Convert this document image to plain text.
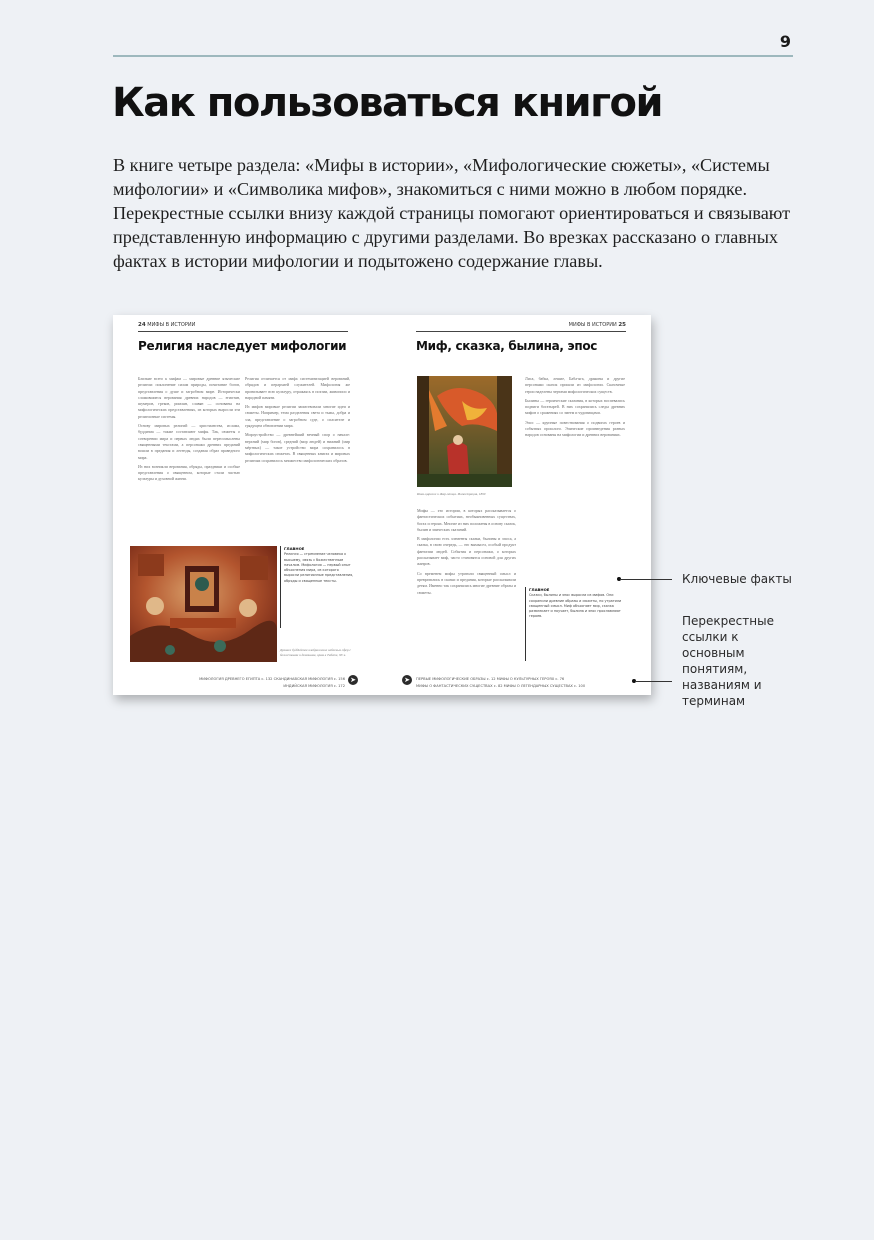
9
Как пользоваться книгой

В книге четыре раздела: «Мифы в истории», «Мифологические сюжеты», «Системы мифологии» и «Символика мифов», знакомиться с ними можно в любом порядке. Перекрестные ссылки внизу каждой страницы помогают ориентироваться и связывают представленную информацию с другими разделами. Во врезках рассказано о главных фактах в истории мифологии и подытожено содержание главы.

24 МИФЫ В ИСТОРИИ
Религия наследует мифологии

Близкие всего к мифам — мировые древние языческие религии: поклонение силам природы, почитание богов, представления о душе и загробном мире. Исторически сложившиеся верования древних народов — египтян, шумеров, греков, римлян, славян — основаны на мифологических представлениях, из которых выросли эти религиозные системы.

Основу мировых религий — христианства, ислама, буддизма — также составляют мифы. Так, сюжеты о сотворении мира и первых людях были переосмыслены священными текстами, а персонажи древних преданий вошли в предания и легенды, создавая образ праведного мира.

Из них возникли верования, обряды, праздники и особые представления о священном, которые стали частью культуры и духовной жизни.

Религия отличается от мифа систематизацией верований, обрядов и иерархией служителей. Мифология же пронизывает всю культуру, отражаясь в поэзии, живописи и народной памяти.

Из мифов мировые религии заимствовали многие идеи и сюжеты. Например, тема разделения света и тьмы, добра и зла, представление о загробном суде, о спасителе и грядущем обновлении мира.

Мироустройство — древнейший вечный спор о начале: верхний (мир богов), средний (мир людей) и нижний (мир мёртвых) — такое устройство мира сохранилось в мифологических сюжетах. В священных книгах и мировых религиях сохранилось множество мифологических образов.

ГЛАВНОЕ
Религия — стремление человека к высшему, связь с божественным началом. Мифология — первый опыт объяснения мира, из которого выросли религиозные представления, обряды и священные тексты.
Древнее буддийское изображение небесных сфер с божествами и демонами, храм в Тибете, XV в.
МИФОЛОГИЯ ДРЕВНЕГО ЕГИПТА с. 132 СКАНДИНАВСКАЯ МИФОЛОГИЯ с. 156
ИНДИЙСКАЯ МИФОЛОГИЯ с. 172
➤
МИФЫ В ИСТОРИИ 25
Миф, сказка, былина, эпос
Иван-царевич и Жар-птица. Иллюстрация, 1899

Мифы — это истории, в которых рассказывается о фантастических событиях, необыкновенных существах, богах и героях. Многие из них положены в основу сказок, былин и эпических сказаний.

В мифологии есть элементы сказки, былины и эпоса, а сказка, в свою очередь, — это вымысел, особый продукт фантазии людей. События и персонажи, о которых рассказывает миф, часто становятся основой для других жанров.

Со временем мифы утратили священный смысл и превратились в сказки и предания, которые рассказывали детям. Именно так сохранились многие древние образы и сюжеты.

Лиса, бабка, лешие, Баба-яга, драконы и другие персонажи сказок пришли из мифологии. Сказочные герои наделены чертами мифологических существ.

Былины — героические сказания, в которых воспевались подвиги богатырей. В них сохранились следы древних мифов о сражениях со змеем и чудовищами.

Эпос — крупные повествования о подвигах героев и событиях прошлого. Эпические произведения разных народов основаны на мифологии и древних верованиях.

ГЛАВНОЕ
Сказки, былины и эпос выросли из мифов. Они сохранили древние образы и сюжеты, но утратили священный смысл. Миф объясняет мир, сказка развлекает и поучает, былина и эпос прославляют героев.
➤	ПЕРВЫЕ МИФОЛОГИЧЕСКИЕ ОБРАЗЫ с. 12 МИФЫ О КУЛЬТУРНЫХ ГЕРОЯХ с. 76
МИФЫ О ФАНТАСТИЧЕСКИХ СУЩЕСТВАХ с. 82 МИФЫ О ЛЕГЕНДАРНЫХ СУЩЕСТВАХ с. 100
Ключевые факты
Перекрестные ссылки к основным понятиям, названиям и терминам
